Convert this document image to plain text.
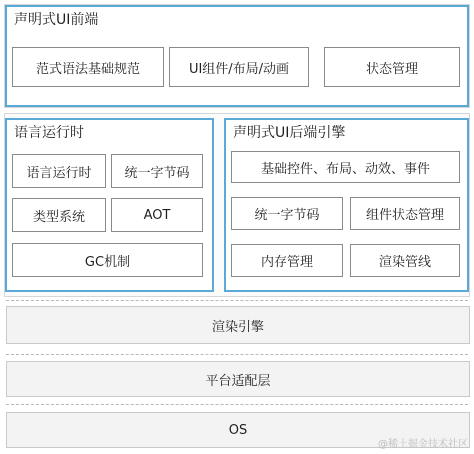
声明式UI前端
范式语法基础规范	UI组件/布局/动画	状态管理
语言运行时
语言运行时	统一字节码
类型系统	AOT
GC机制
声明式UI后端引擎
基础控件、布局、动效、事件
统一字节码	组件状态管理
内存管理	渲染管线
渲染引擎
平台适配层
OS
@稀土掘金技术社区
